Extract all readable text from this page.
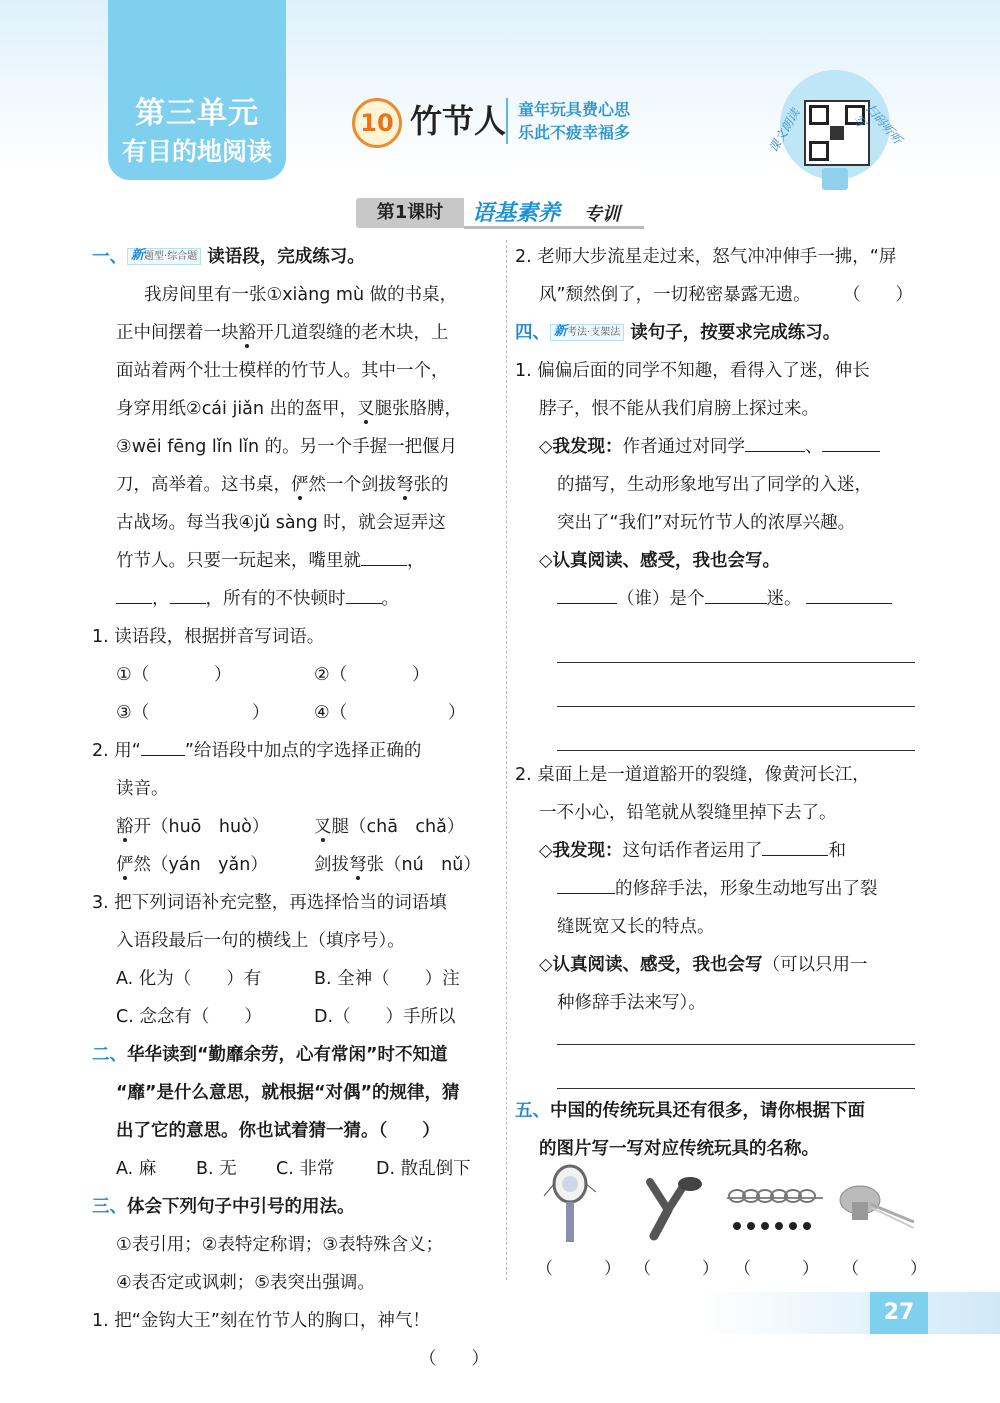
第三单元
有目的地阅读
10 竹节人 童年玩具费心思
乐此不疲幸福多	课文朗读	扫码听听写
第1课时	语基素养 专训
一、 新题型·综合题 读语段，完成练习。
我房间里有一张①xiàng mù 做的书桌，
正中间摆着一块豁开几道裂缝的老木块，上
面站着两个壮士模样的竹节人。其中一个，
身穿用纸②cái jiǎn 出的盔甲，叉腿张胳膊，
③wēi fēng lǐn lǐn 的。另一个手握一把偃月
刀，高举着。这书桌，俨然一个剑拔弩张的
古战场。每当我④jǔ sàng 时，就会逗弄这
竹节人。只要一玩起来，嘴里就	，
， ，所有的不快顿时 。
1. 读语段，根据拼音写词语。
①（	）	②（	）
③（	）	④（	）
2. 用“	”给语段中加点的字选择正确的
读音。
豁开（huō　huò）	叉腿（chā　chǎ）
俨然（yán　yǎn）	剑拔弩张（nú　nǔ）
3. 把下列词语补充完整，再选择恰当的词语填
入语段最后一句的横线上（填序号）。
A. 化为（　　）有	B. 全神（　　）注
C. 念念有（　　）	D.（　　）手所以
二、华华读到“勤靡余劳，心有常闲”时不知道
“靡”是什么意思，就根据“对偶”的规律，猜
出了它的意思。你也试着猜一猜。（　　）
A. 麻 B. 无 C. 非常 D. 散乱倒下
三、体会下列句子中引号的用法。
①表引用；②表特定称谓；③表特殊含义；
④表否定或讽刺；⑤表突出强调。
1. 把“金钩大王”刻在竹节人的胸口，神气！
（　　）
2. 老师大步流星走过来，怒气冲冲伸手一拂，“屏
风”颓然倒了，一切秘密暴露无遗。 （　　）
四、 新考法·支架法 读句子，按要求完成练习。
1. 偏偏后面的同学不知趣，看得入了迷，伸长
脖子，恨不能从我们肩膀上探过来。
◇我发现：作者通过对同学	、
的描写，生动形象地写出了同学的入迷，
突出了“我们”对玩竹节人的浓厚兴趣。
◇认真阅读、感受，我也会写。
（谁）是个	迷。
2. 桌面上是一道道豁开的裂缝，像黄河长江，
一不小心，铅笔就从裂缝里掉下去了。
◇我发现：这句话作者运用了	和
的修辞手法，形象生动地写出了裂
缝既宽又长的特点。
◇认真阅读、感受，我也会写（可以只用一
种修辞手法来写）。
五、中国的传统玩具还有很多，请你根据下面
的图片写一写对应传统玩具的名称。
（　　　） （　　　） （　　　） （　　　）
27
